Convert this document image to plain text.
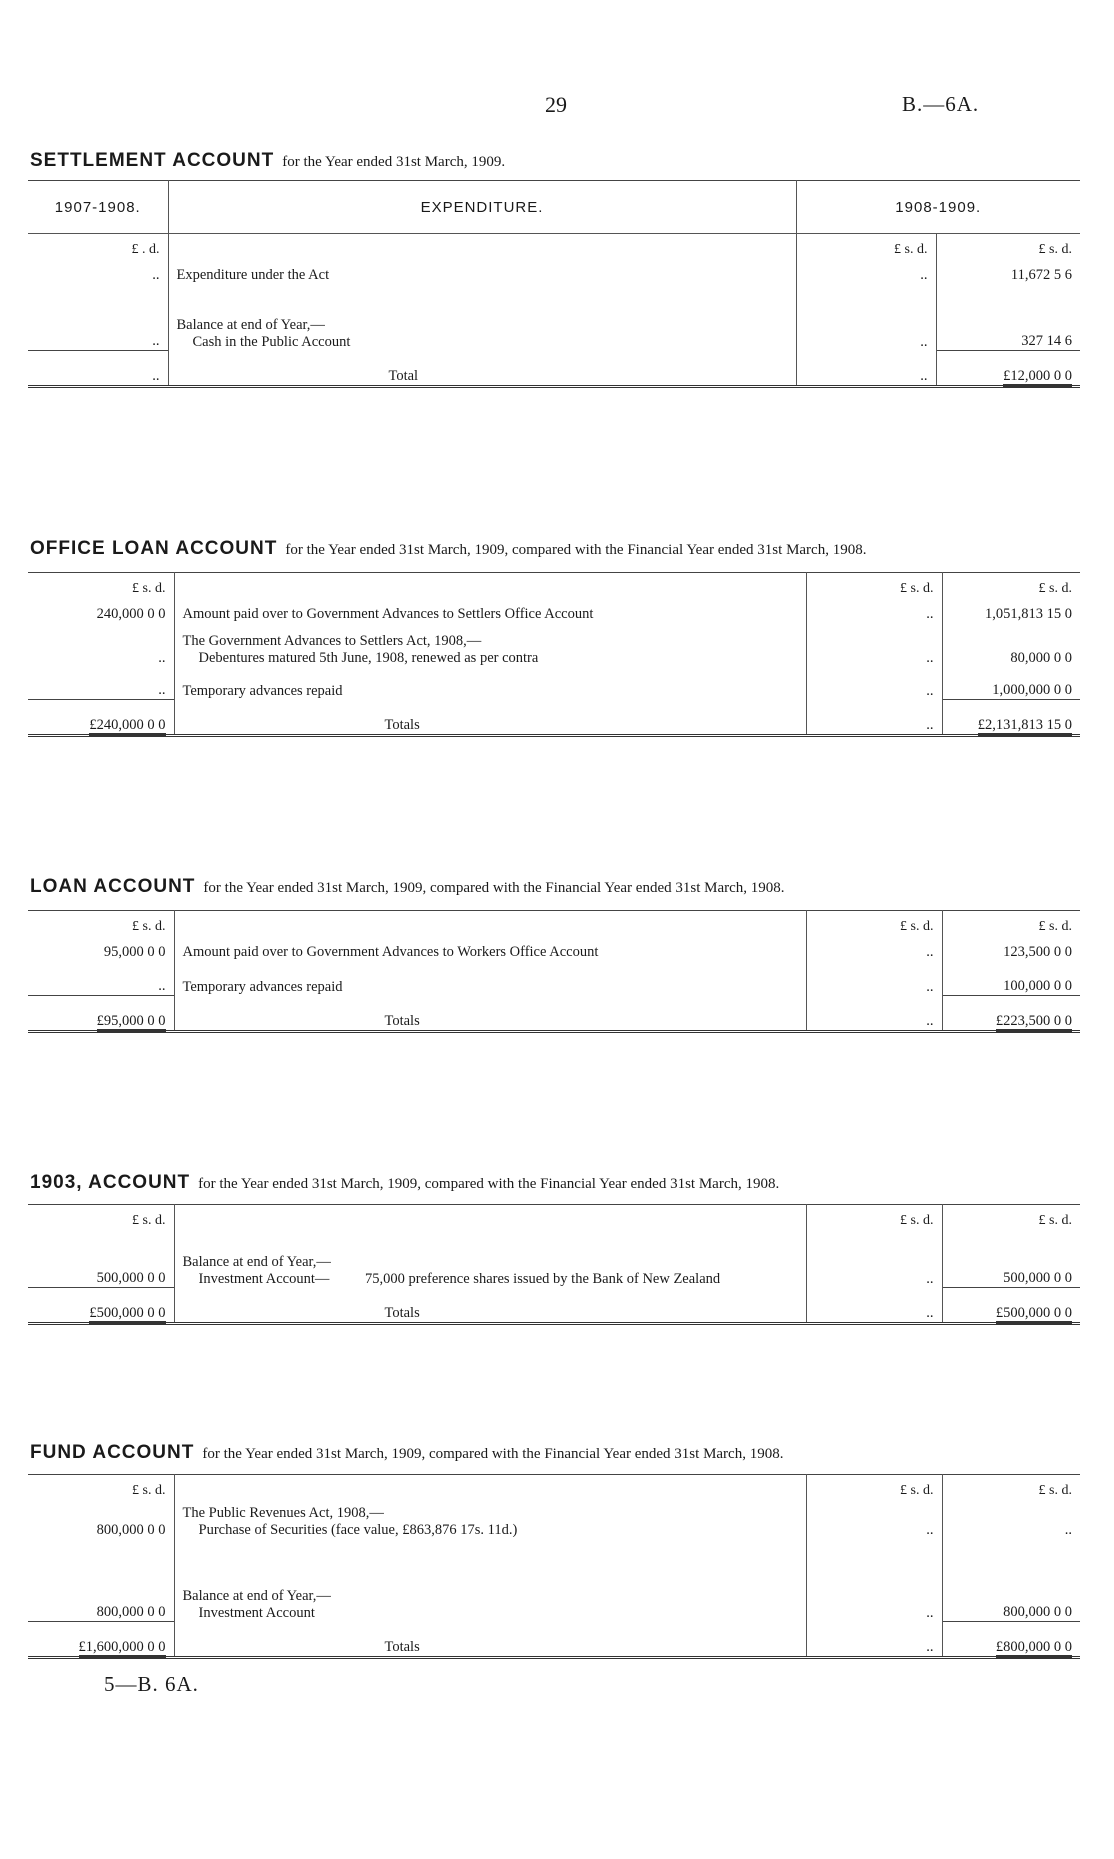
29	B.—6A.
SETTLEMENT ACCOUNT for the Year ended 31st March, 1909.
1907-1908.	EXPENDITURE.	1908-1909.	
£ . d.		£ s. d.	£ s. d.
..	Expenditure under the Act	..	11,672 5 6
..	Balance at end of Year,—
Cash in the Public Account	..	327 14 6
..	Total	..	£12,000 0 0
OFFICE LOAN ACCOUNT for the Year ended 31st March, 1909, compared with the Financial Year ended 31st March, 1908.
£ s. d.		£ s. d.	£ s. d.
240,000 0 0	Amount paid over to Government Advances to Settlers Office Account	..	1,051,813 15 0
..	The Government Advances to Settlers Act, 1908,—
Debentures matured 5th June, 1908, renewed as per contra	..	80,000 0 0
..	Temporary advances repaid	..	1,000,000 0 0
£240,000 0 0	Totals	..	£2,131,813 15 0
LOAN ACCOUNT for the Year ended 31st March, 1909, compared with the Financial Year ended 31st March, 1908.
£ s. d.		£ s. d.	£ s. d.
95,000 0 0	Amount paid over to Government Advances to Workers Office Account	..	123,500 0 0
..	Temporary advances repaid	..	100,000 0 0
£95,000 0 0	Totals	..	£223,500 0 0
1903, ACCOUNT for the Year ended 31st March, 1909, compared with the Financial Year ended 31st March, 1908.
£ s. d.		£ s. d.	£ s. d.
500,000 0 0	Balance at end of Year,—
Investment Account— 75,000 preference shares issued by the Bank of New Zealand	..	500,000 0 0
£500,000 0 0	Totals	..	£500,000 0 0
FUND ACCOUNT for the Year ended 31st March, 1909, compared with the Financial Year ended 31st March, 1908.
£ s. d.		£ s. d.	£ s. d.
800,000 0 0	The Public Revenues Act, 1908,—
Purchase of Securities (face value, £863,876 17s. 11d.)	..	..
800,000 0 0	Balance at end of Year,—
Investment Account	..	800,000 0 0
£1,600,000 0 0	Totals	..	£800,000 0 0
5—B. 6A.
